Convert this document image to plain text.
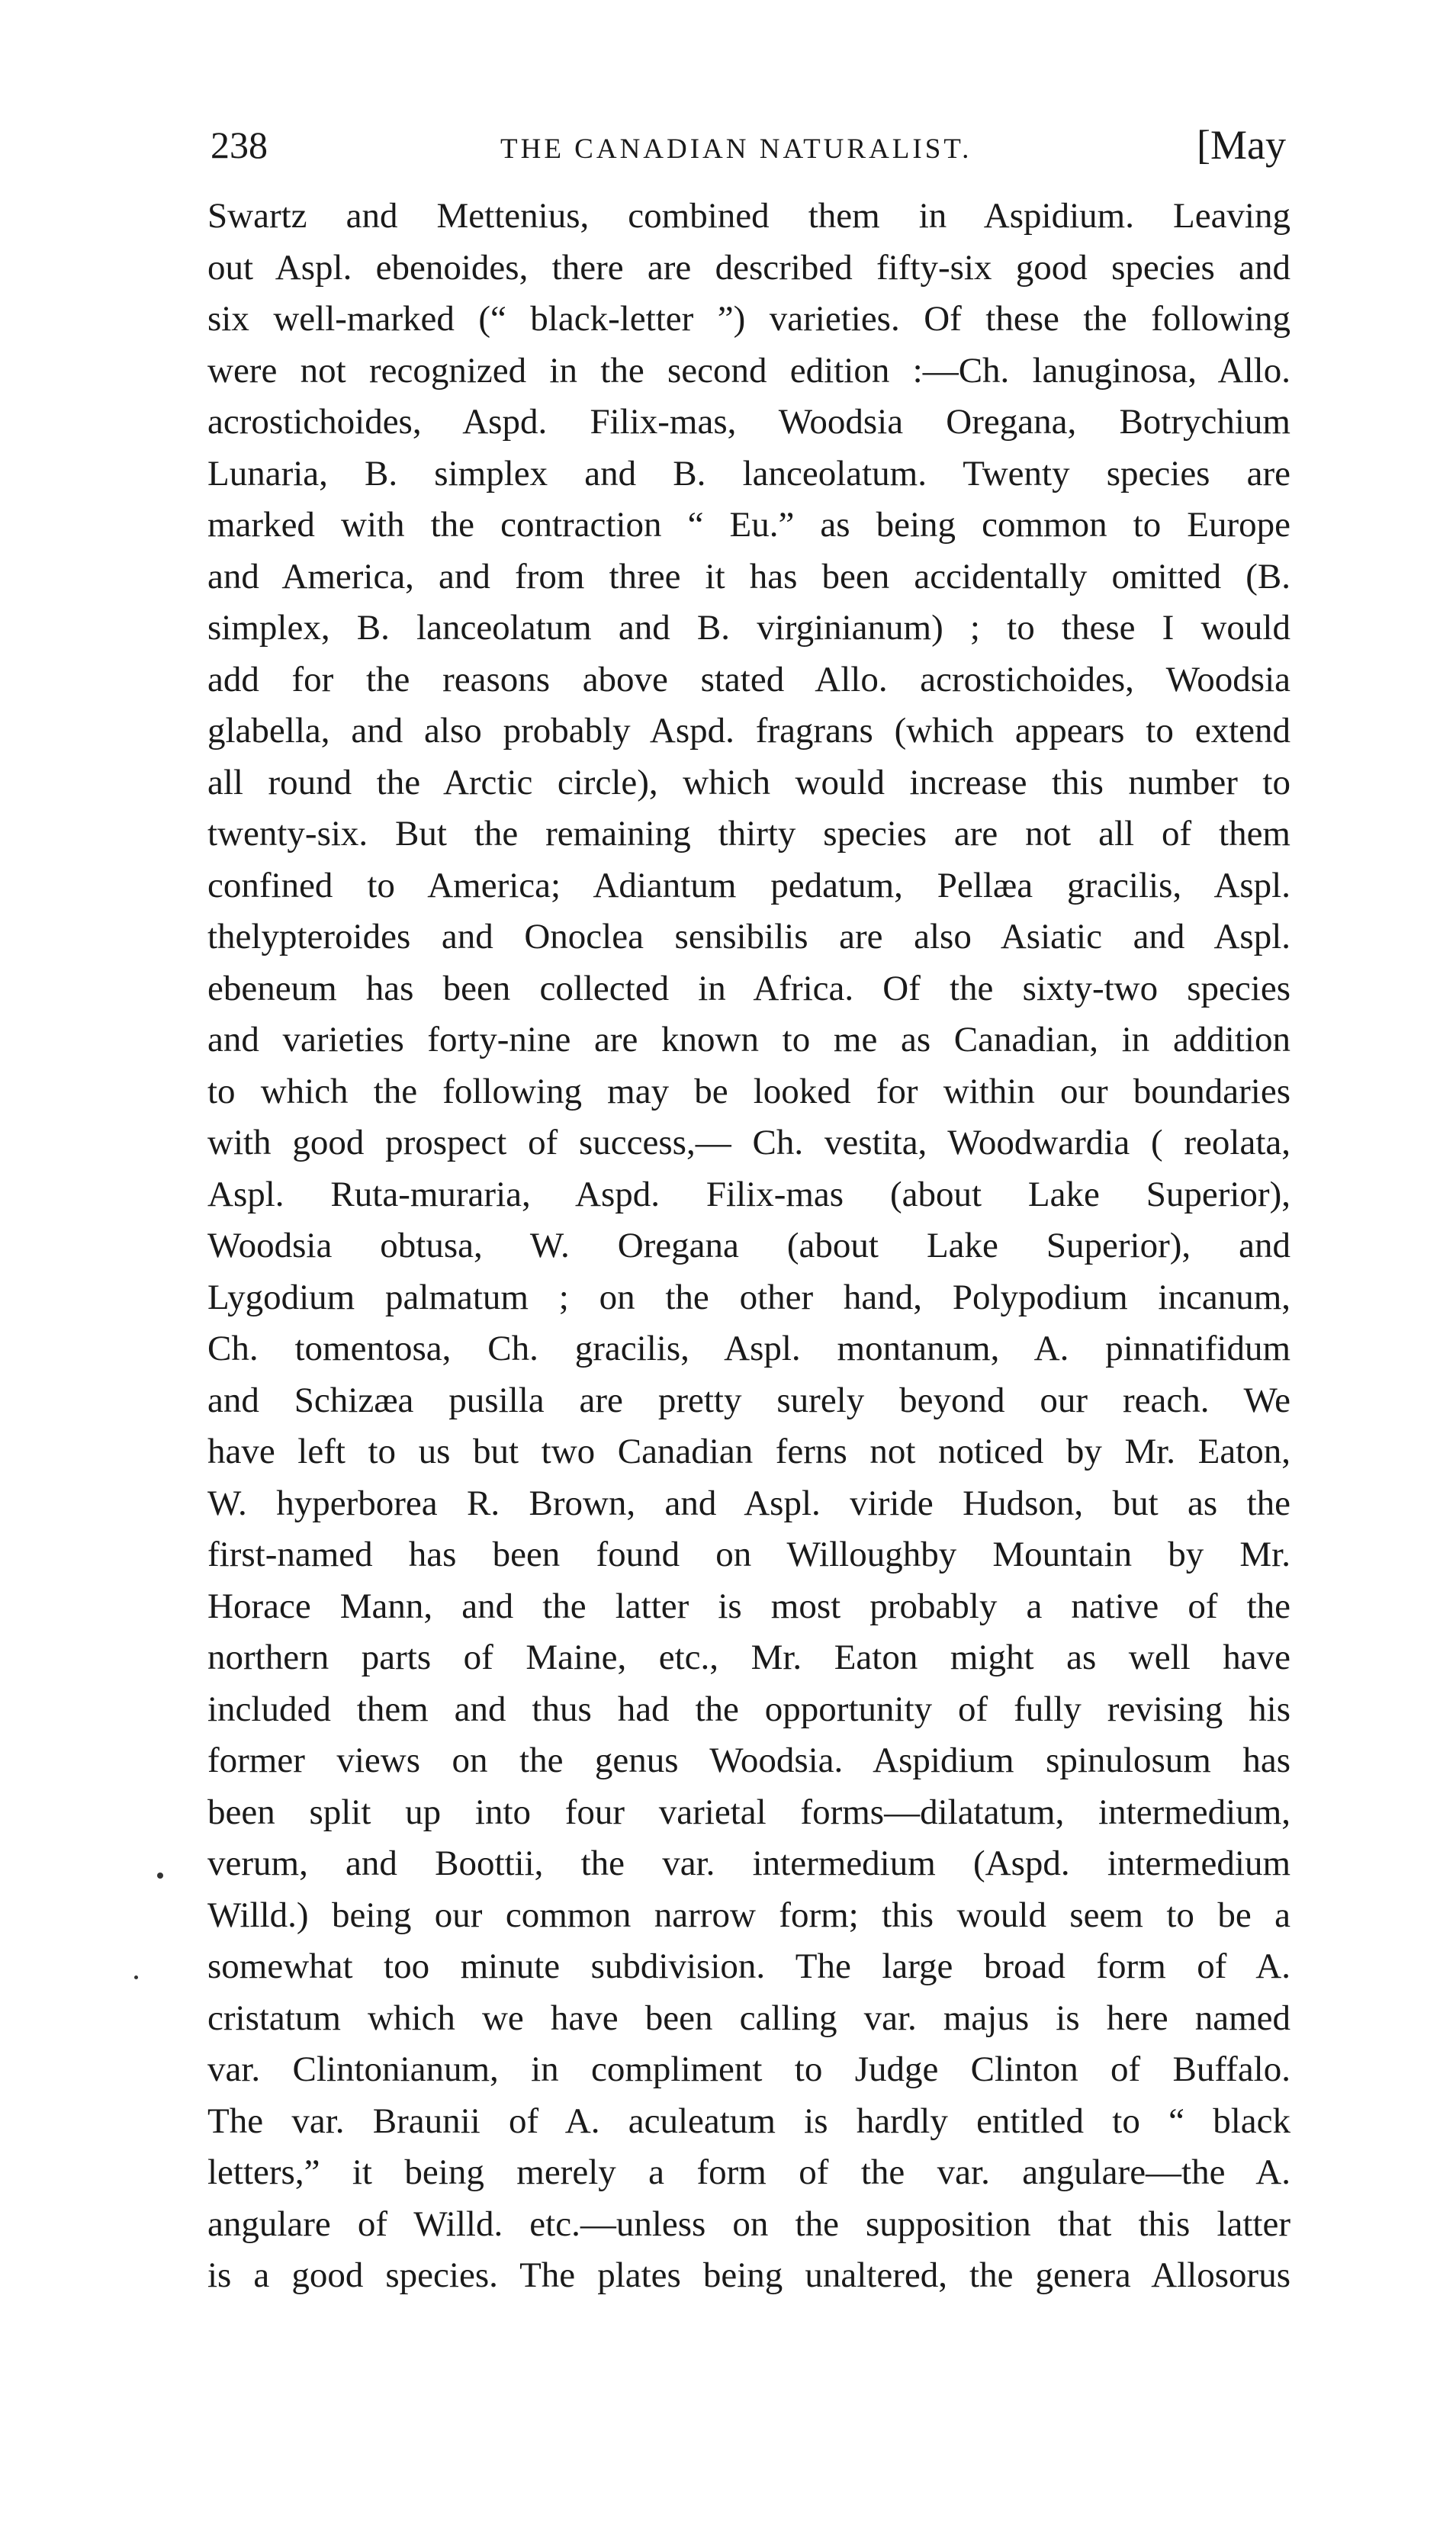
238	THE CANADIAN NATURALIST.	[May
Swartz and Mettenius, combined them in Aspidium. Leaving
out Aspl. ebenoides, there are described fifty-six good species and
six well-marked (“ black-letter ”) varieties. Of these the following
were not recognized in the second edition :—Ch. lanuginosa, Allo.
acrostichoides, Aspd. Filix-mas, Woodsia Oregana, Botrychium
Lunaria, B. simplex and B. lanceolatum. Twenty species are
marked with the contraction “ Eu.” as being common to Europe
and America, and from three it has been accidentally omitted (B.
simplex, B. lanceolatum and B. virginianum) ; to these I would
add for the reasons above stated Allo. acrostichoides, Woodsia
glabella, and also probably Aspd. fragrans (which appears to extend
all round the Arctic circle), which would increase this number to
twenty-six. But the remaining thirty species are not all of them
confined to America; Adiantum pedatum, Pellæa gracilis, Aspl.
thelypteroides and Onoclea sensibilis are also Asiatic and Aspl.
ebeneum has been collected in Africa. Of the sixty-two species
and varieties forty-nine are known to me as Canadian, in addition
to which the following may be looked for within our boundaries
with good prospect of success,— Ch. vestita, Woodwardia ( reolata,
Aspl. Ruta-muraria, Aspd. Filix-mas (about Lake Superior),
Woodsia obtusa, W. Oregana (about Lake Superior), and
Lygodium palmatum ; on the other hand, Polypodium incanum,
Ch. tomentosa, Ch. gracilis, Aspl. montanum, A. pinnatifidum
and Schizæa pusilla are pretty surely beyond our reach. We
have left to us but two Canadian ferns not noticed by Mr. Eaton,
W. hyperborea R. Brown, and Aspl. viride Hudson, but as the
first-named has been found on Willoughby Mountain by Mr.
Horace Mann, and the latter is most probably a native of the
northern parts of Maine, etc., Mr. Eaton might as well have
included them and thus had the opportunity of fully revising his
former views on the genus Woodsia. Aspidium spinulosum has
been split up into four varietal forms—dilatatum, intermedium,
verum, and Boottii, the var. intermedium (Aspd. intermedium
Willd.) being our common narrow form; this would seem to be a
somewhat too minute subdivision. The large broad form of A.
cristatum which we have been calling var. majus is here named
var. Clintonianum, in compliment to Judge Clinton of Buffalo.
The var. Braunii of A. aculeatum is hardly entitled to “ black
letters,” it being merely a form of the var. angulare—the A.
angulare of Willd. etc.—unless on the supposition that this latter
is a good species. The plates being unaltered, the genera Allosorus
